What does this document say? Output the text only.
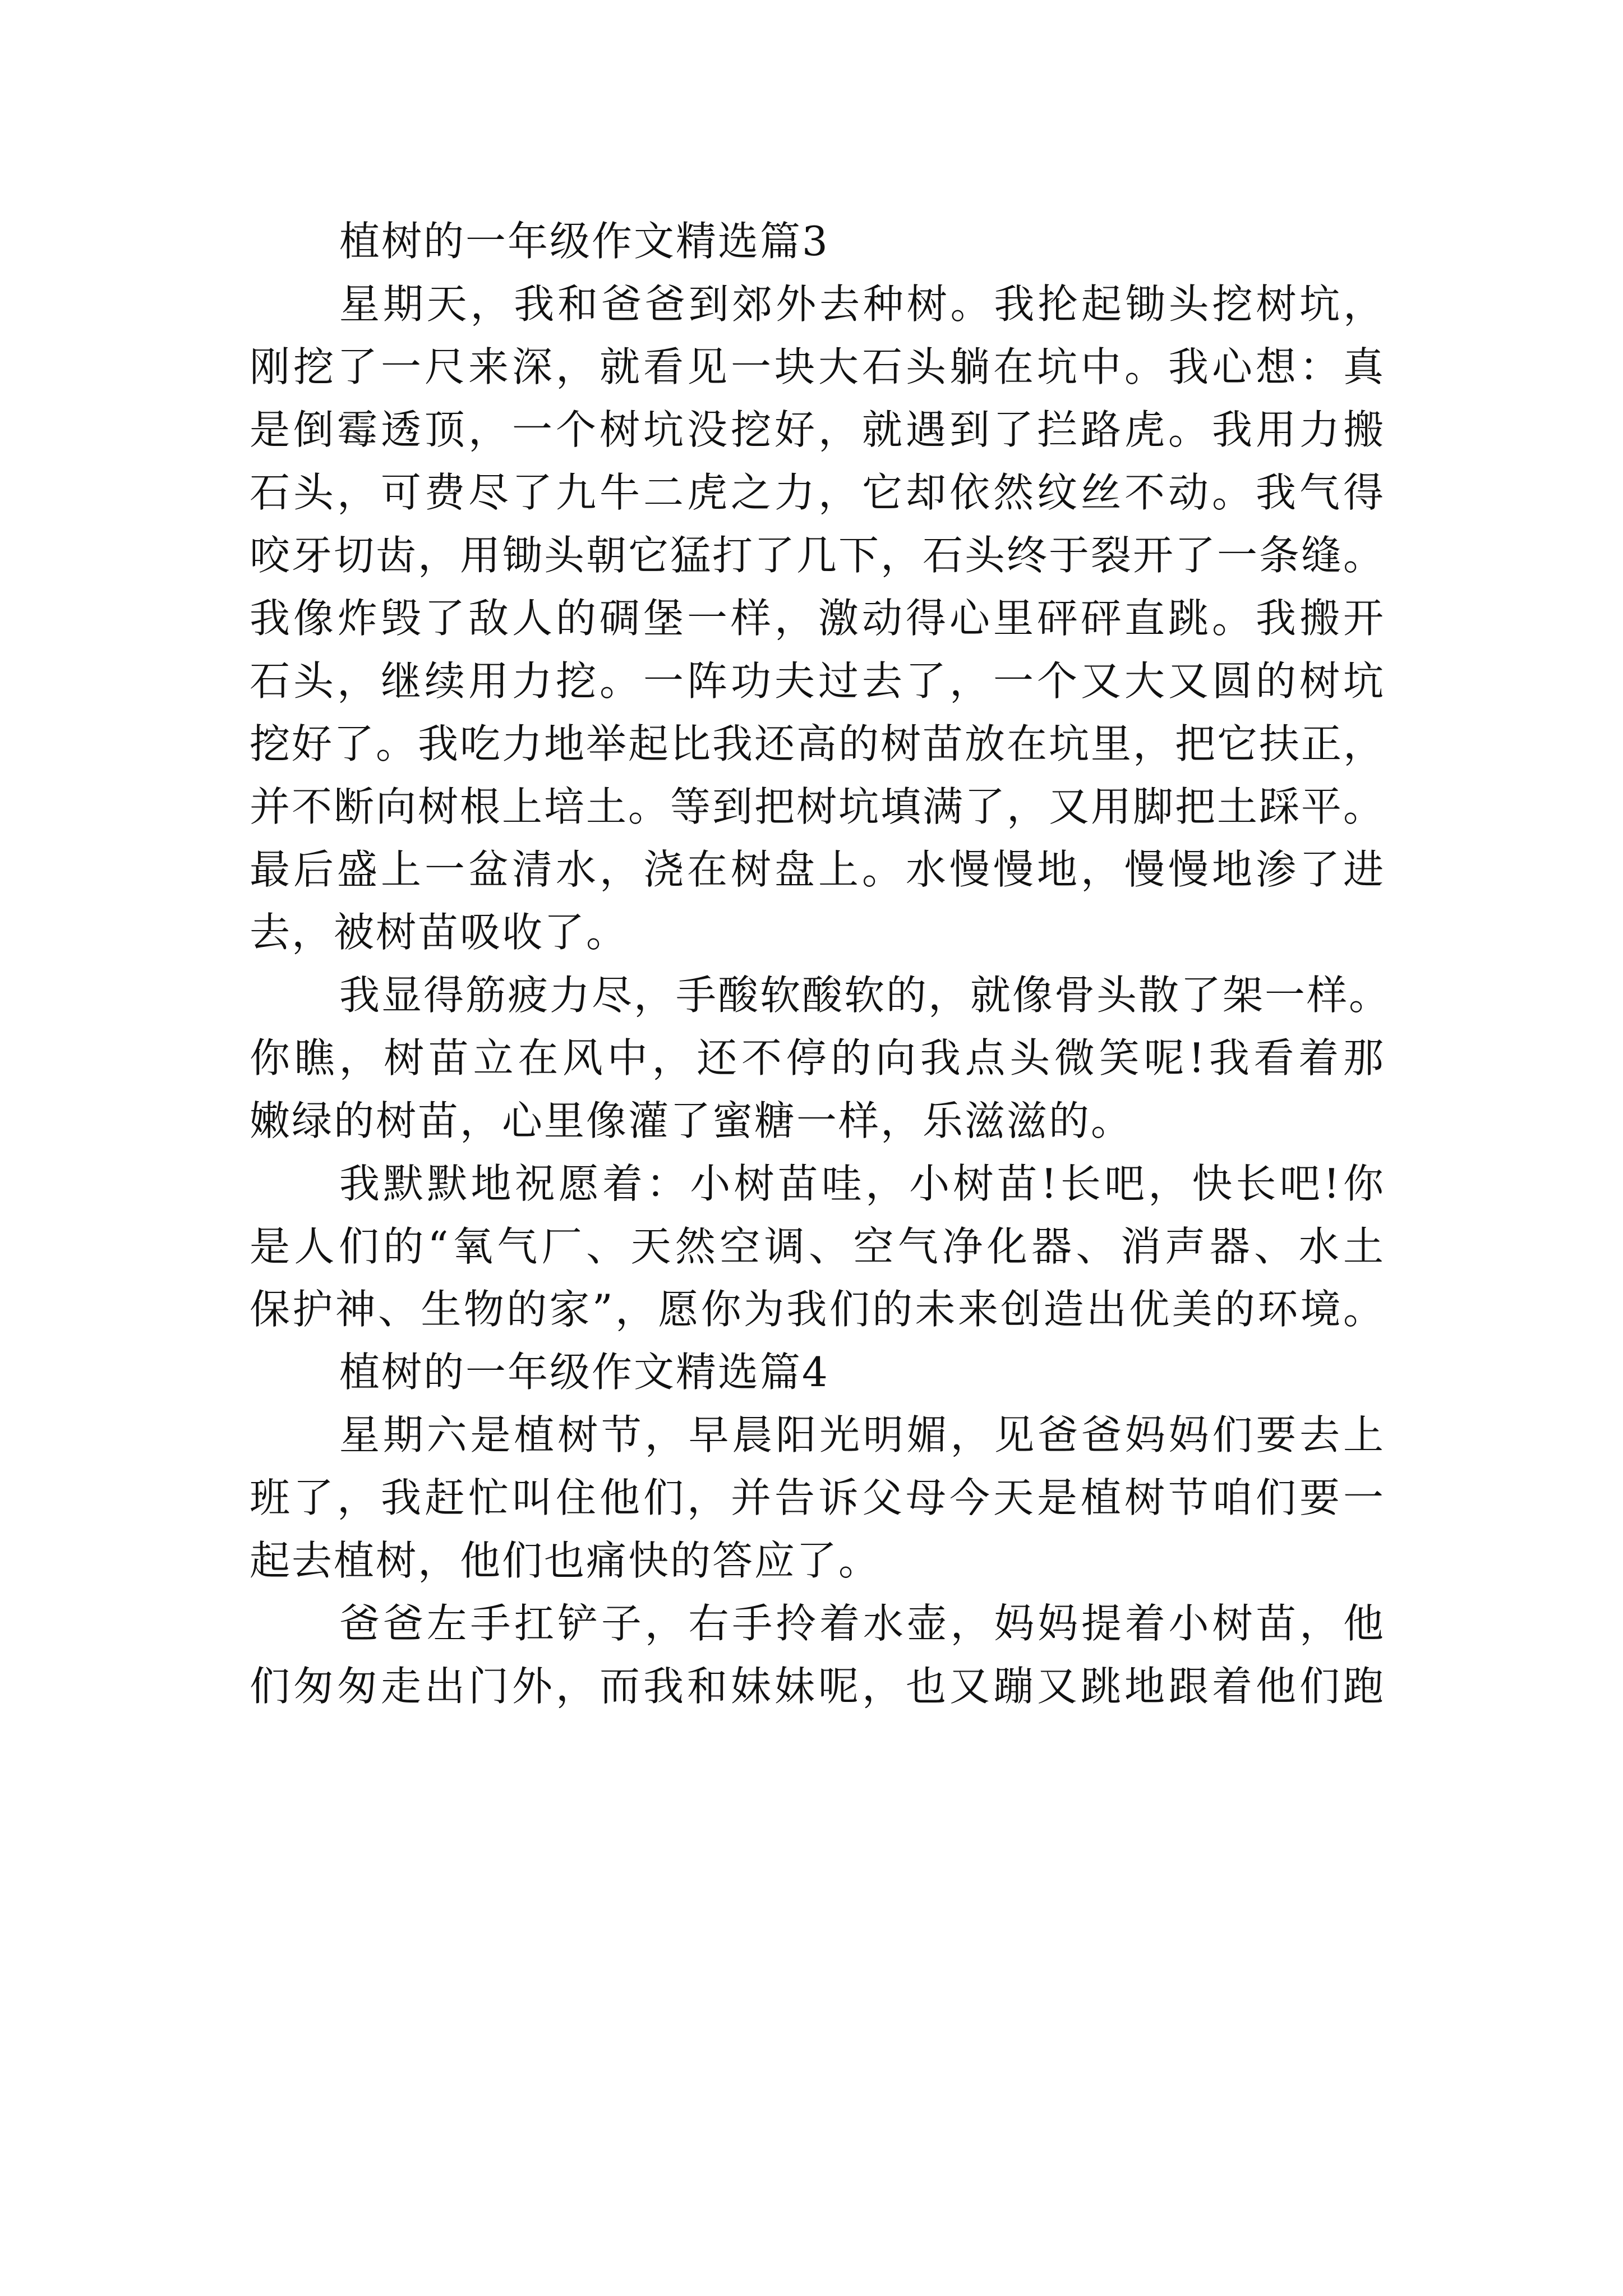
植树的一年级作文精选篇3
星期天，我和爸爸到郊外去种树。我抡起锄头挖树坑，
刚挖了一尺来深，就看见一块大石头躺在坑中。我心想：真
是倒霉透顶，一个树坑没挖好，就遇到了拦路虎。我用力搬
石头，可费尽了九牛二虎之力，它却依然纹丝不动。我气得
咬牙切齿，用锄头朝它猛打了几下，石头终于裂开了一条缝。
我像炸毁了敌人的碉堡一样，激动得心里砰砰直跳。我搬开
石头，继续用力挖。一阵功夫过去了，一个又大又圆的树坑
挖好了。我吃力地举起比我还高的树苗放在坑里，把它扶正，
并不断向树根上培土。等到把树坑填满了，又用脚把土踩平。
最后盛上一盆清水，浇在树盘上。水慢慢地，慢慢地渗了进
去，被树苗吸收了。
我显得筋疲力尽，手酸软酸软的，就像骨头散了架一样。
你瞧，树苗立在风中，还不停的向我点头微笑呢!我看着那
嫩绿的树苗，心里像灌了蜜糖一样，乐滋滋的。
我默默地祝愿着：小树苗哇，小树苗!长吧，快长吧!你
是人们的“氧气厂、天然空调、空气净化器、消声器、水土
保护神、生物的家”，愿你为我们的未来创造出优美的环境。
植树的一年级作文精选篇4
星期六是植树节，早晨阳光明媚，见爸爸妈妈们要去上
班了，我赶忙叫住他们，并告诉父母今天是植树节咱们要一
起去植树，他们也痛快的答应了。
爸爸左手扛铲子，右手拎着水壶，妈妈提着小树苗，他
们匆匆走出门外，而我和妹妹呢，也又蹦又跳地跟着他们跑
